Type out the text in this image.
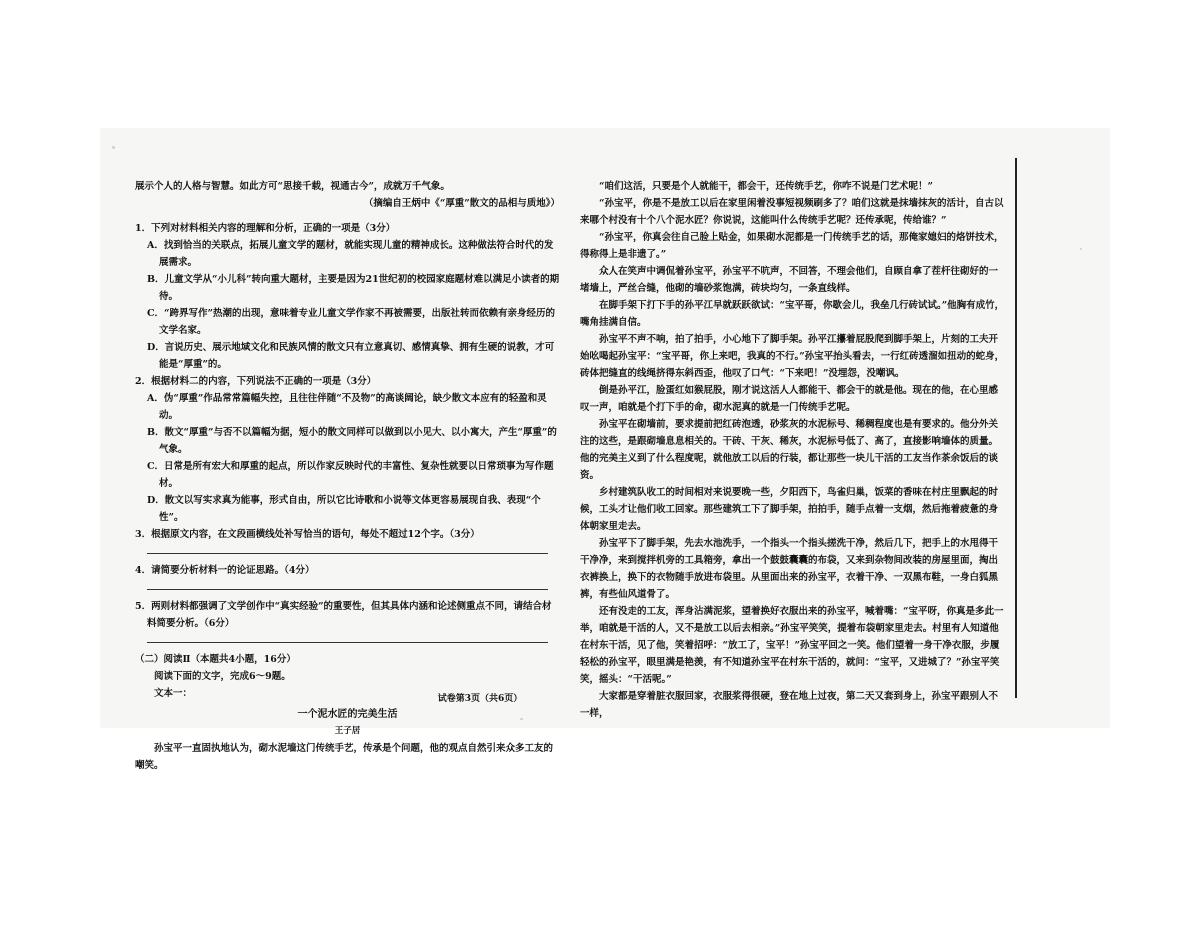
展示个人的人格与智慧。如此方可“思接千载，视通古今”，成就万千气象。

（摘编自王炳中《“厚重”散文的品相与质地》）

1．下列对材料相关内容的理解和分析，正确的一项是（3分）

A．找到恰当的关联点，拓展儿童文学的题材，就能实现儿童的精神成长。这种做法符合时代的发展需求。

B．儿童文学从“小儿科”转向重大题材，主要是因为21世纪初的校园家庭题材难以满足小读者的期待。

C．“跨界写作”热潮的出现，意味着专业儿童文学作家不再被需要，出版社转而依赖有亲身经历的文学名家。

D．言说历史、展示地域文化和民族风情的散文只有立意真切、感情真挚、拥有生硬的说教，才可能是“厚重”的。

2．根据材料二的内容，下列说法不正确的一项是（3分）

A．伪“厚重”作品常常篇幅失控，且往往伴随“不及物”的高谈阔论，缺少散文本应有的轻盈和灵动。

B．散文“厚重”与否不以篇幅为据，短小的散文同样可以做到以小见大、以小寓大，产生“厚重”的气象。

C．日常是所有宏大和厚重的起点，所以作家反映时代的丰富性、复杂性就要以日常琐事为写作题材。

D．散文以写实求真为能事，形式自由，所以它比诗歌和小说等文体更容易展现自我、表现“个性”。

3．根据原文内容，在文段画横线处补写恰当的语句，每处不超过12个字。（3分）

4．请简要分析材料一的论证思路。（4分）

5．两则材料都强调了文学创作中“真实经验”的重要性，但其具体内涵和论述侧重点不同，请结合材料简要分析。（6分）

（二）阅读Ⅱ（本题共4小题，16分）

阅读下面的文字，完成6～9题。

文本一：

一个泥水匠的完美生活

王子居

孙宝平一直固执地认为，砌水泥墙这门传统手艺，传承是个问题，他的观点自然引来众多工友的嘲笑。

“咱们这活，只要是个人就能干，都会干，还传统手艺，你咋不说是门艺术呢！”

“孙宝平，你是不是放工以后在家里闲着没事短视频刷多了？咱们这就是抹墙抹灰的活计，自古以来哪个村没有十个八个泥水匠？你说说，这能叫什么传统手艺呢？还传承呢，传给谁？”

“孙宝平，你真会往自己脸上贴金，如果砌水泥都是一门传统手艺的话，那俺家媳妇的烙饼技术，得称得上是非遗了。”

众人在笑声中调侃着孙宝平，孙宝平不吭声，不回答，不理会他们，自顾自拿了茬杆往砌好的一堵墙上，严丝合缝，他砌的墙砂浆饱满，砖块均匀，一条直线样。

在脚手架下打下手的孙平江早就跃跃欲试：“宝平哥，你歇会儿，我垒几行砖试试。”他胸有成竹，嘴角挂满自信。

孙宝平不声不响，拍了拍手，小心地下了脚手架。孙平江攥着屁股爬到脚手架上，片刻的工夫开始吆喝起孙宝平：“宝平哥，你上来吧，我真的不行。”孙宝平抬头看去，一行红砖透溜如扭动的蛇身，砖体把缝直的线绳挤得东斜西歪，他叹了口气：“下来吧！”没埋怨，没嘲讽。

倒是孙平江，脸蛋红如猴屁股，刚才说这活人人都能干、都会干的就是他。现在的他，在心里感叹一声，咱就是个打下手的命，砌水泥真的就是一门传统手艺呢。

孙宝平在砌墙前，要求提前把红砖泡透，砂浆灰的水泥标号、稀稠程度也是有要求的。他分外关注的这些，是跟砌墙息息相关的。干砖、干灰、稀灰，水泥标号低了、高了，直接影响墙体的质量。他的完美主义到了什么程度呢，就他放工以后的行装，都让那些一块儿干活的工友当作茶余饭后的谈资。

乡村建筑队收工的时间相对来说要晚一些，夕阳西下，鸟雀归巢，饭菜的香味在村庄里飘起的时候，工头才让他们收工回家。那些建筑工下了脚手架，拍拍手，随手点着一支烟，然后拖着疲惫的身体朝家里走去。

孙宝平下了脚手架，先去水池洗手，一个指头一个指头搓洗干净，然后几下，把手上的水甩得干干净净，来到搅拌机旁的工具箱旁，拿出一个鼓鼓囊囊的布袋，又来到杂物间改装的房屋里面，掏出衣裤换上，换下的衣物随手放进布袋里。从里面出来的孙宝平，衣着干净、一双黑布鞋，一身白狐黑裤，有些仙风道骨了。

还有没走的工友，浑身沾满泥浆，望着换好衣服出来的孙宝平，喊着嘴：“宝平呀，你真是多此一举，咱就是干活的人，又不是放工以后去相亲。”孙宝平笑笑，提着布袋朝家里走去。村里有人知道他在村东干活，见了他，笑着招呼：“放工了，宝平！”孙宝平回之一笑。他们望着一身干净衣服，步履轻松的孙宝平，眼里满是艳羡，有不知道孙宝平在村东干活的，就问：“宝平，又进城了？”孙宝平笑笑，摇头：“干活呢。”

大家都是穿着脏衣服回家，衣服浆得很硬，登在地上过夜，第二天又套到身上，孙宝平跟别人不一样，

试卷第3页（共6页）
